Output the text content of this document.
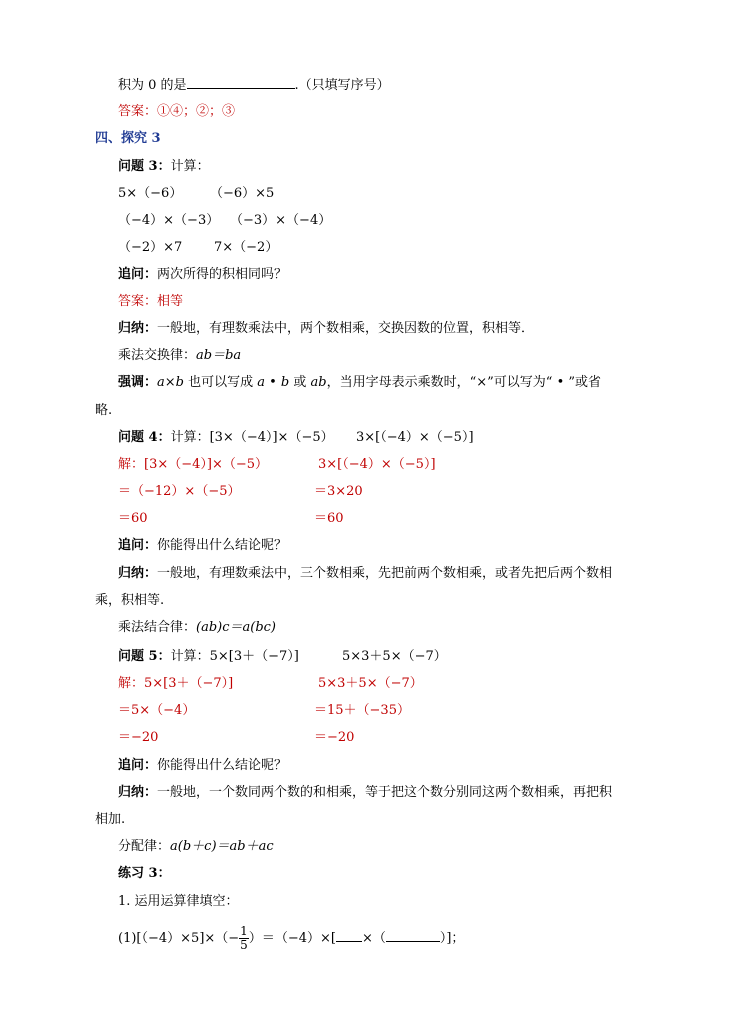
积为 0 的是	.（只填写序号）
答案：①④；②；③
四、探究 3
问题 3：计算：
5×（−6） （−6）×5
（−4）×（−3） （−3）×（−4）
（−2）×7 7×（−2）
追问：两次所得的积相同吗？
答案：相等
归纳：一般地，有理数乘法中，两个数相乘，交换因数的位置，积相等．
乘法交换律：ab＝ba
强调：a×b 也可以写成 a • b 或 ab，当用字母表示乘数时，“×”可以写为“ • ”或省
略.
问题 4：计算：[3×（−4）]×（−5） 3×[（−4）×（−5）]
解：[3×（−4）]×（−5）	3×[（−4）×（−5）]
＝（−12）×（−5）	＝3×20
＝60	＝60
追问：你能得出什么结论呢？
归纳：一般地，有理数乘法中，三个数相乘，先把前两个数相乘，或者先把后两个数相
乘，积相等.
乘法结合律：(ab)c＝a(bc)
问题 5：计算：5×[3＋（−7）]	5×3＋5×（−7）
解：5×[3＋（−7）]	5×3＋5×（−7）
＝5×（−4）	＝15＋（−35）
＝−20	＝−20
追问：你能得出什么结论呢？
归纳：一般地，一个数同两个数的和相乘，等于把这个数分别同这两个数相乘，再把积
相加.
分配律：a(b＋c)＝ab＋ac
练习 3：
1. 运用运算律填空：
$(1)[(-4)\times 5]\times(- \frac{1}{5} )=(-4)\times$[ ×（	）]；
